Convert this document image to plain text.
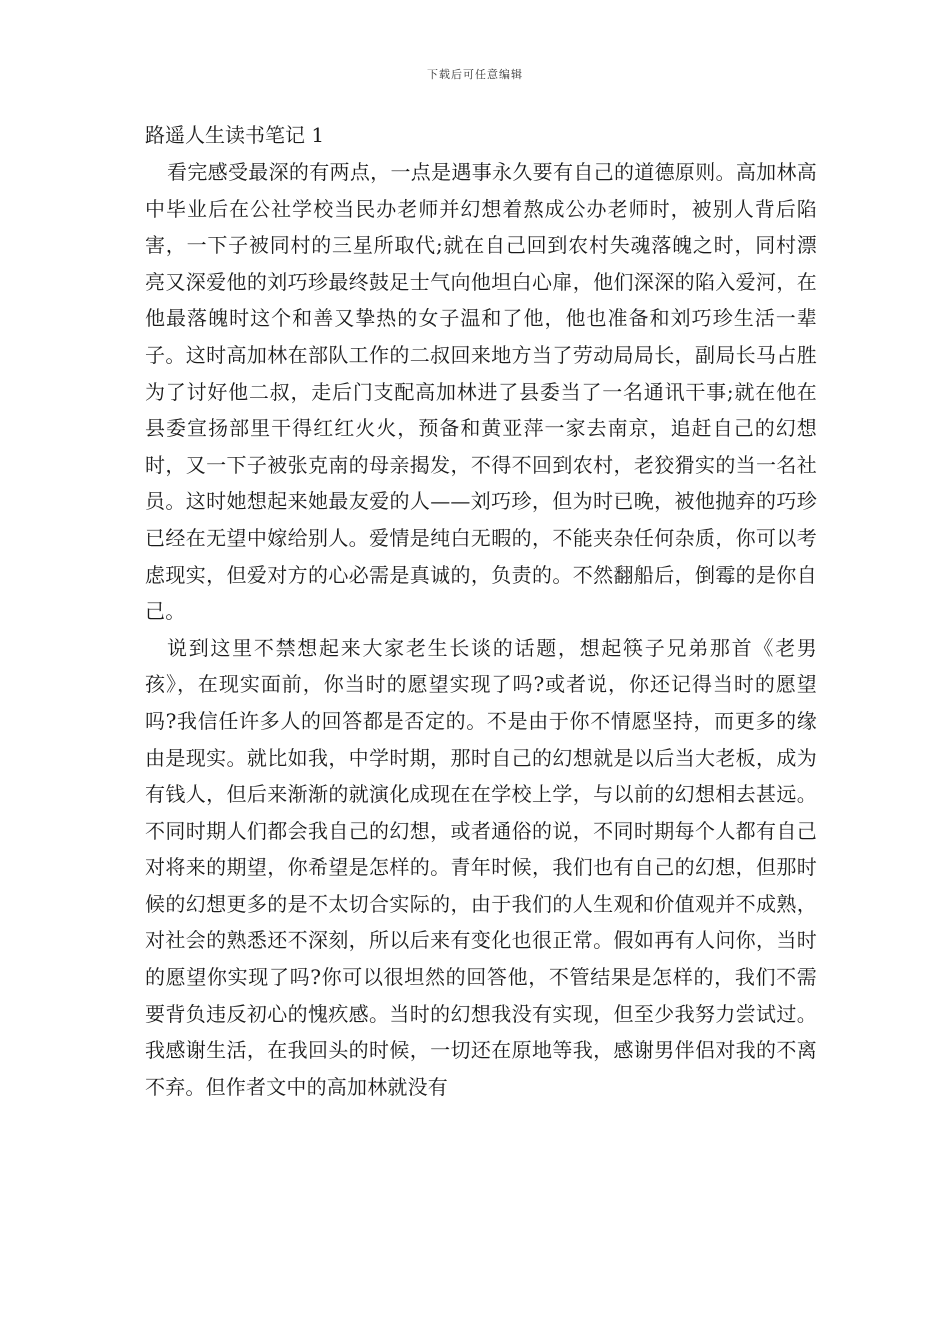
下载后可任意编辑
路遥人生读书笔记 1

看完感受最深的有两点，一点是遇事永久要有自己的道德原则。高加林高中毕业后在公社学校当民办老师并幻想着熬成公办老师时，被别人背后陷害，一下子被同村的三星所取代;就在自己回到农村失魂落魄之时，同村漂亮又深爱他的刘巧珍最终鼓足士气向他坦白心扉，他们深深的陷入爱河，在他最落魄时这个和善又挚热的女子温和了他，他也准备和刘巧珍生活一辈子。这时高加林在部队工作的二叔回来地方当了劳动局局长，副局长马占胜为了讨好他二叔，走后门支配高加林进了县委当了一名通讯干事;就在他在县委宣扬部里干得红红火火，预备和黄亚萍一家去南京，追赶自己的幻想时，又一下子被张克南的母亲揭发，不得不回到农村，老狡猾实的当一名社员。这时她想起来她最友爱的人——刘巧珍，但为时已晚，被他抛弃的巧珍已经在无望中嫁给别人。爱情是纯白无暇的，不能夹杂任何杂质，你可以考虑现实，但爱对方的心必需是真诚的，负责的。不然翻船后，倒霉的是你自己。

说到这里不禁想起来大家老生长谈的话题，想起筷子兄弟那首《老男孩》，在现实面前，你当时的愿望实现了吗?或者说，你还记得当时的愿望吗?我信任许多人的回答都是否定的。不是由于你不情愿坚持，而更多的缘由是现实。就比如我，中学时期，那时自己的幻想就是以后当大老板，成为有钱人，但后来渐渐的就演化成现在在学校上学，与以前的幻想相去甚远。不同时期人们都会我自己的幻想，或者通俗的说，不同时期每个人都有自己对将来的期望，你希望是怎样的。青年时候，我们也有自己的幻想，但那时候的幻想更多的是不太切合实际的，由于我们的人生观和价值观并不成熟，对社会的熟悉还不深刻，所以后来有变化也很正常。假如再有人问你，当时的愿望你实现了吗?你可以很坦然的回答他，不管结果是怎样的，我们不需要背负违反初心的愧疚感。当时的幻想我没有实现，但至少我努力尝试过。我感谢生活，在我回头的时候，一切还在原地等我，感谢男伴侣对我的不离不弃。但作者文中的高加林就没有
